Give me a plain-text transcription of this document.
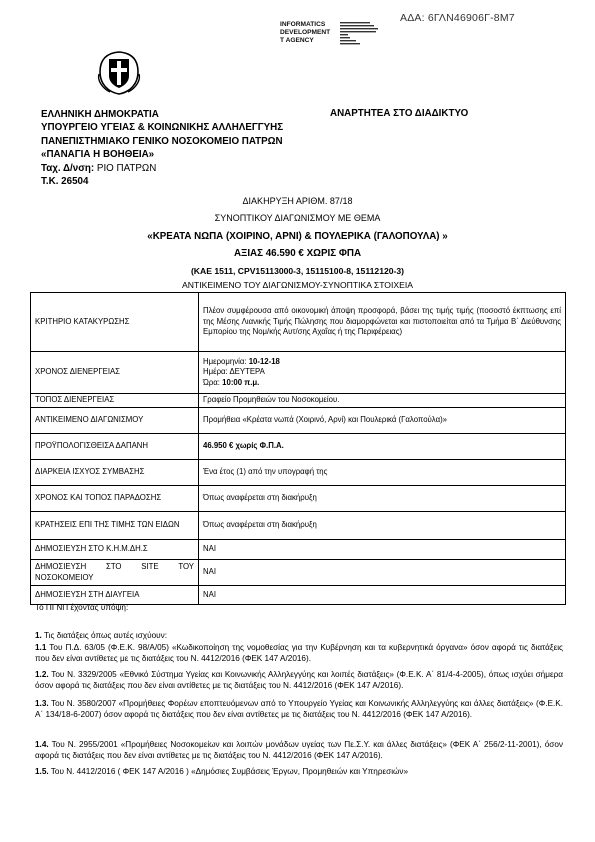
ΑΔΑ: 6ΓΛΝ46906Γ-8Μ7
INFORMATICS
DEVELOPMENT
T AGENCY
ΕΛΛΗΝΙΚΗ ΔΗΜΟΚΡΑΤΙΑ
ΥΠΟΥΡΓΕΙΟ ΥΓΕΙΑΣ & ΚΟΙΝΩΝΙΚΗΣ ΑΛΛΗΛΕΓΓΥΗΣ
ΠΑΝΕΠΙΣΤΗΜΙΑΚΟ ΓΕΝΙΚΟ ΝΟΣΟΚΟΜΕΙΟ ΠΑΤΡΩΝ
«ΠΑΝΑΓΙΑ Η ΒΟΗΘΕΙΑ»
Ταχ. Δ/νση: ΡΙΟ ΠΑΤΡΩΝ
Τ.Κ. 26504
ΑΝΑΡΤΗΤΕΑ ΣΤΟ ΔΙΑΔΙΚΤΥΟ
ΔΙΑΚΗΡΥΞΗ ΑΡΙΘΜ. 87/18
ΣΥΝΟΠΤΙΚΟΥ ΔΙΑΓΩΝΙΣΜΟΥ ΜΕ ΘΕΜΑ
«ΚΡΕΑΤΑ ΝΩΠΑ (ΧΟΙΡΙΝΟ, ΑΡΝΙ) & ΠΟΥΛΕΡΙΚΑ (ΓΑΛΟΠΟΥΛΑ) »
ΑΞΙΑΣ 46.590 € ΧΩΡΙΣ ΦΠΑ
(ΚΑΕ 1511, CPV15113000-3, 15115100-8, 15112120-3)
ΑΝΤΙΚΕΙΜΕΝΟ ΤΟΥ ΔΙΑΓΩΝΙΣΜΟΥ-ΣΥΝΟΠΤΙΚΑ ΣΤΟΙΧΕΙΑ
ΚΡΙΤΗΡΙΟ ΚΑΤΑΚΥΡΩΣΗΣ	Πλέον συμφέρουσα από οικονομική άποψη προσφορά, βάσει της τιμής τιμής (ποσοστό έκπτωσης επί της Μέσης Λιανικής Τιμής Πώλησης που διαμορφώνεται και πιστοποιείται από τα Τμήμα Β΄ Διεύθυνσης Εμπορίου της Νομ/κής Αυτ/σης Αχαΐας ή της Περιφέρειας)
ΧΡΟΝΟΣ ΔΙΕΝΕΡΓΕΙΑΣ	Ημερομηνία: 10-12-18
Ημέρα: ΔΕΥΤΕΡΑ
Ώρα: 10:00 π.μ.

ΤΟΠΟΣ ΔΙΕΝΕΡΓΕΙΑΣ	Γραφείο Προμηθειών του Νοσοκομείου.
ΑΝΤΙΚΕΙΜΕΝΟ ΔΙΑΓΩΝΙΣΜΟΥ	Προμήθεια «Κρέατα νωπά (Χοιρινό, Αρνί) και Πουλερικά (Γαλοπούλα)»
ΠΡΟΫΠΟΛΟΓΙΣΘΕΙΣΑ ΔΑΠΑΝΗ	46.950 € χωρίς Φ.Π.Α.
ΔΙΑΡΚΕΙΑ ΙΣΧΥΟΣ ΣΥΜΒΑΣΗΣ	Ένα έτος (1) από την υπογραφή της
ΧΡΟΝΟΣ ΚΑΙ ΤΟΠΟΣ ΠΑΡΑΔΟΣΗΣ	Όπως αναφέρεται στη διακήρυξη
ΚΡΑΤΗΣΕΙΣ ΕΠΙ ΤΗΣ ΤΙΜΗΣ ΤΩΝ ΕΙΔΩΝ	Όπως αναφέρεται στη διακήρυξη
ΔΗΜΟΣΙΕΥΣΗ ΣΤΟ Κ.Η.Μ.ΔΗ.Σ	ΝΑΙ
ΔΗΜΟΣΙΕΥΣΗ ΣΤΟ SITE ΤΟΥ ΝΟΣΟΚΟΜΕΙΟΥ	ΝΑΙ
ΔΗΜΟΣΙΕΥΣΗ ΣΤΗ ΔΙΑΥΓΕΙΑ	ΝΑΙ
Το ΠΓΝΠ έχοντας υπόψη:
1. Τις διατάξεις όπως αυτές ισχύουν:
1.1 Του Π.Δ. 63/05 (Φ.Ε.Κ. 98/Α/05) «Κωδικοποίηση της νομοθεσίας για την Κυβέρνηση και τα κυβερνητικά όργανα» όσον αφορά τις διατάξεις που δεν είναι αντίθετες με τις διατάξεις του Ν. 4412/2016 (ΦΕΚ 147 Α/2016).
1.2. Του Ν. 3329/2005 «Εθνικό Σύστημα Υγείας και Κοινωνικής Αλληλεγγύης και λοιπές διατάξεις» (Φ.Ε.Κ. Α΄ 81/4-4-2005), όπως ισχύει σήμερα όσον αφορά τις διατάξεις που δεν είναι αντίθετες με τις διατάξεις του Ν. 4412/2016 (ΦΕΚ 147 Α/2016).
1.3. Του Ν. 3580/2007 «Προμήθειες Φορέων εποπτευόμενων από το Υπουργείο Υγείας και Κοινωνικής Αλληλεγγύης και άλλες διατάξεις» (Φ.Ε.Κ. Α΄ 134/18-6-2007) όσον αφορά τις διατάξεις που δεν είναι αντίθετες με τις διατάξεις του Ν. 4412/2016 (ΦΕΚ 147 Α/2016).
1.4. Του Ν. 2955/2001 «Προμήθειες Νοσοκομείων και λοιπών μονάδων υγείας των Πε.Σ.Υ. και άλλες διατάξεις» (ΦΕΚ Α΄ 256/2-11-2001), όσον αφορά τις διατάξεις που δεν είναι αντίθετες με τις διατάξεις του Ν. 4412/2016 (ΦΕΚ 147 Α/2016).
1.5. Του Ν. 4412/2016 ( ΦΕΚ 147 Α/2016 ) «Δημόσιες Συμβάσεις Έργων, Προμηθειών και Υπηρεσιών»
